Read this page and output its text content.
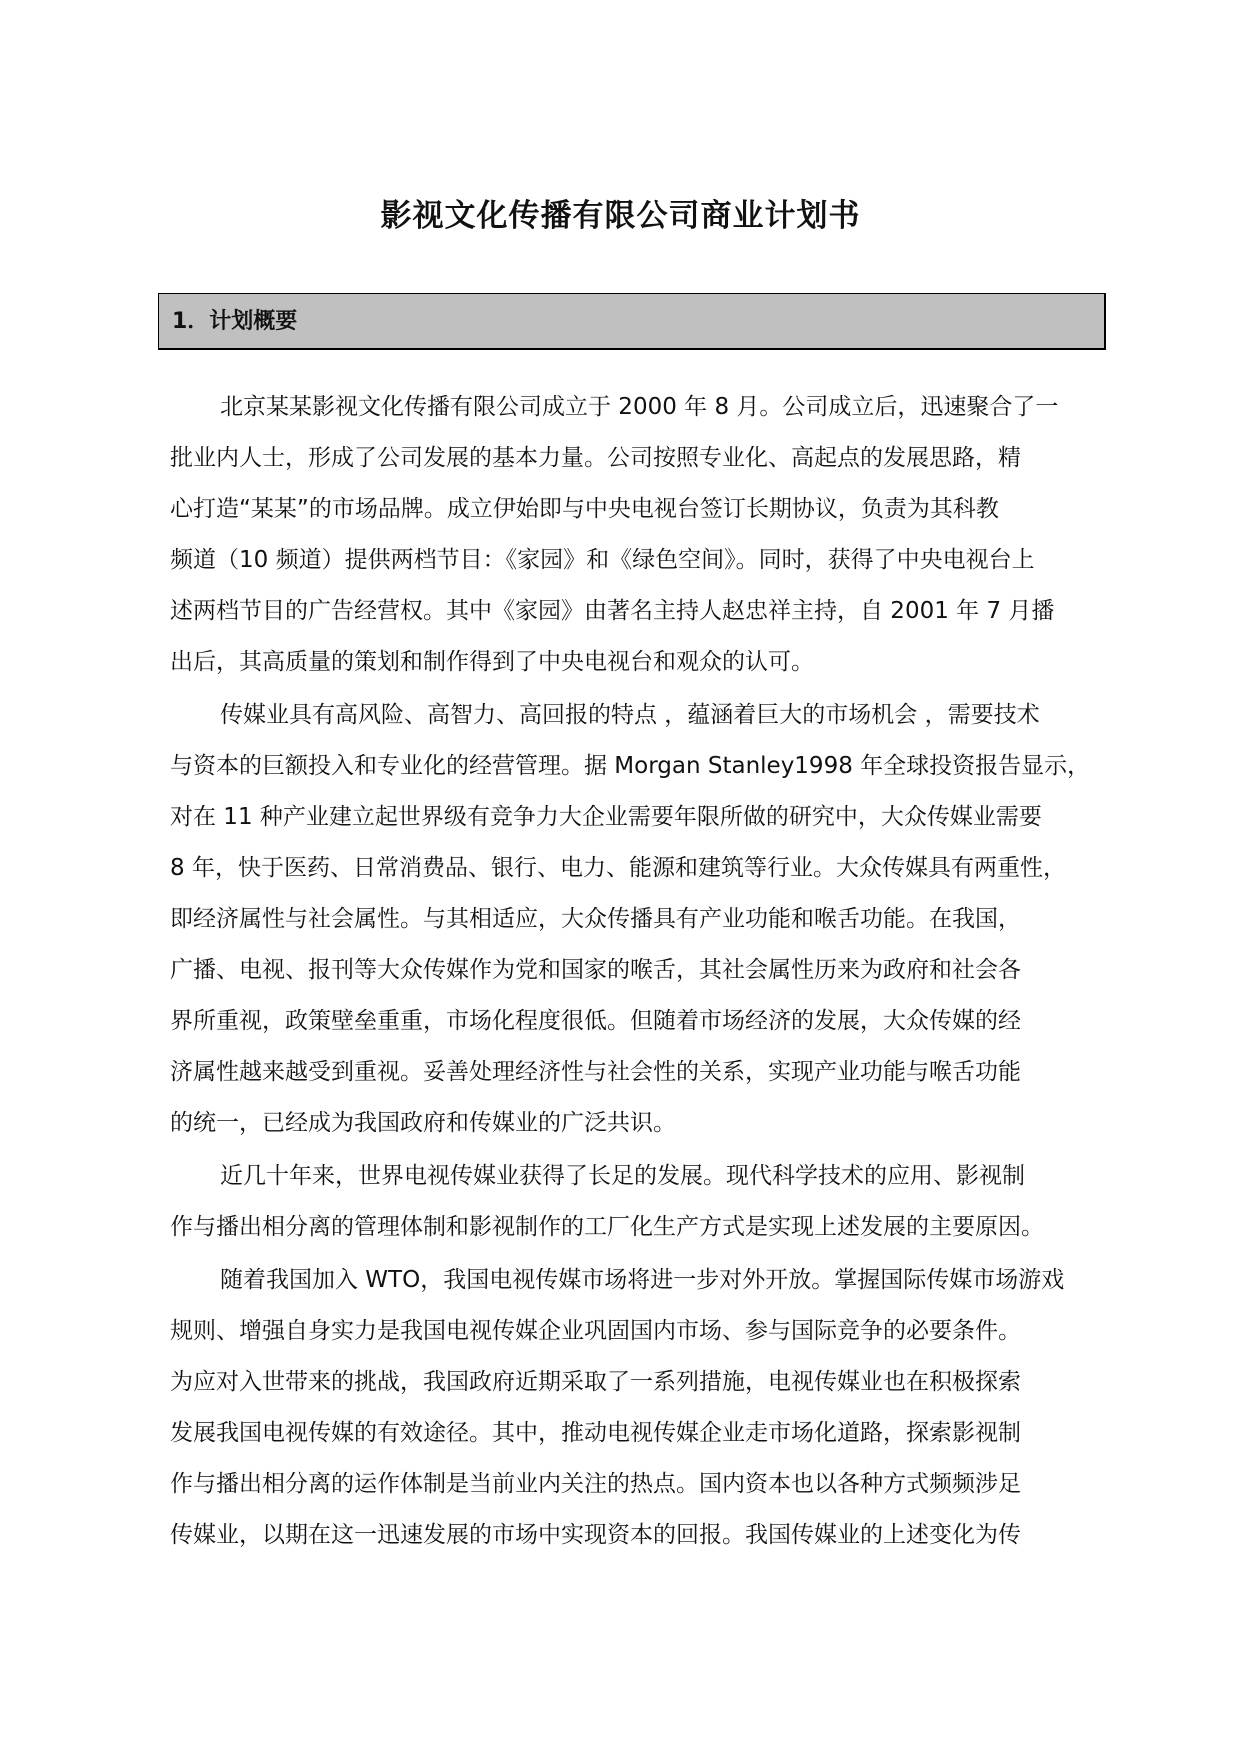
影视文化传播有限公司商业计划书
1．计划概要
北京某某影视文化传播有限公司成立于 2000 年 8 月。公司成立后，迅速聚合了一
批业内人士，形成了公司发展的基本力量。公司按照专业化、高起点的发展思路，精
心打造“某某”的市场品牌。成立伊始即与中央电视台签订长期协议，负责为其科教
频道（10 频道）提供两档节目：《家园》和《绿色空间》。同时，获得了中央电视台上
述两档节目的广告经营权。其中《家园》由著名主持人赵忠祥主持，自 2001 年 7 月播
出后，其高质量的策划和制作得到了中央电视台和观众的认可。
传媒业具有高风险、高智力、高回报的特点 ，蕴涵着巨大的市场机会 ，需要技术
与资本的巨额投入和专业化的经营管理。据 Morgan Stanley1998 年全球投资报告显示，
对在 11 种产业建立起世界级有竞争力大企业需要年限所做的研究中，大众传媒业需要
8 年，快于医药、日常消费品、银行、电力、能源和建筑等行业。大众传媒具有两重性，
即经济属性与社会属性。与其相适应，大众传播具有产业功能和喉舌功能。在我国，
广播、电视、报刊等大众传媒作为党和国家的喉舌，其社会属性历来为政府和社会各
界所重视，政策壁垒重重，市场化程度很低。但随着市场经济的发展，大众传媒的经
济属性越来越受到重视。妥善处理经济性与社会性的关系，实现产业功能与喉舌功能
的统一，已经成为我国政府和传媒业的广泛共识。
近几十年来，世界电视传媒业获得了长足的发展。现代科学技术的应用、影视制
作与播出相分离的管理体制和影视制作的工厂化生产方式是实现上述发展的主要原因。
随着我国加入 WTO，我国电视传媒市场将进一步对外开放。掌握国际传媒市场游戏
规则、增强自身实力是我国电视传媒企业巩固国内市场、参与国际竞争的必要条件。
为应对入世带来的挑战，我国政府近期采取了一系列措施，电视传媒业也在积极探索
发展我国电视传媒的有效途径。其中，推动电视传媒企业走市场化道路，探索影视制
作与播出相分离的运作体制是当前业内关注的热点。国内资本也以各种方式频频涉足
传媒业，以期在这一迅速发展的市场中实现资本的回报。我国传媒业的上述变化为传
